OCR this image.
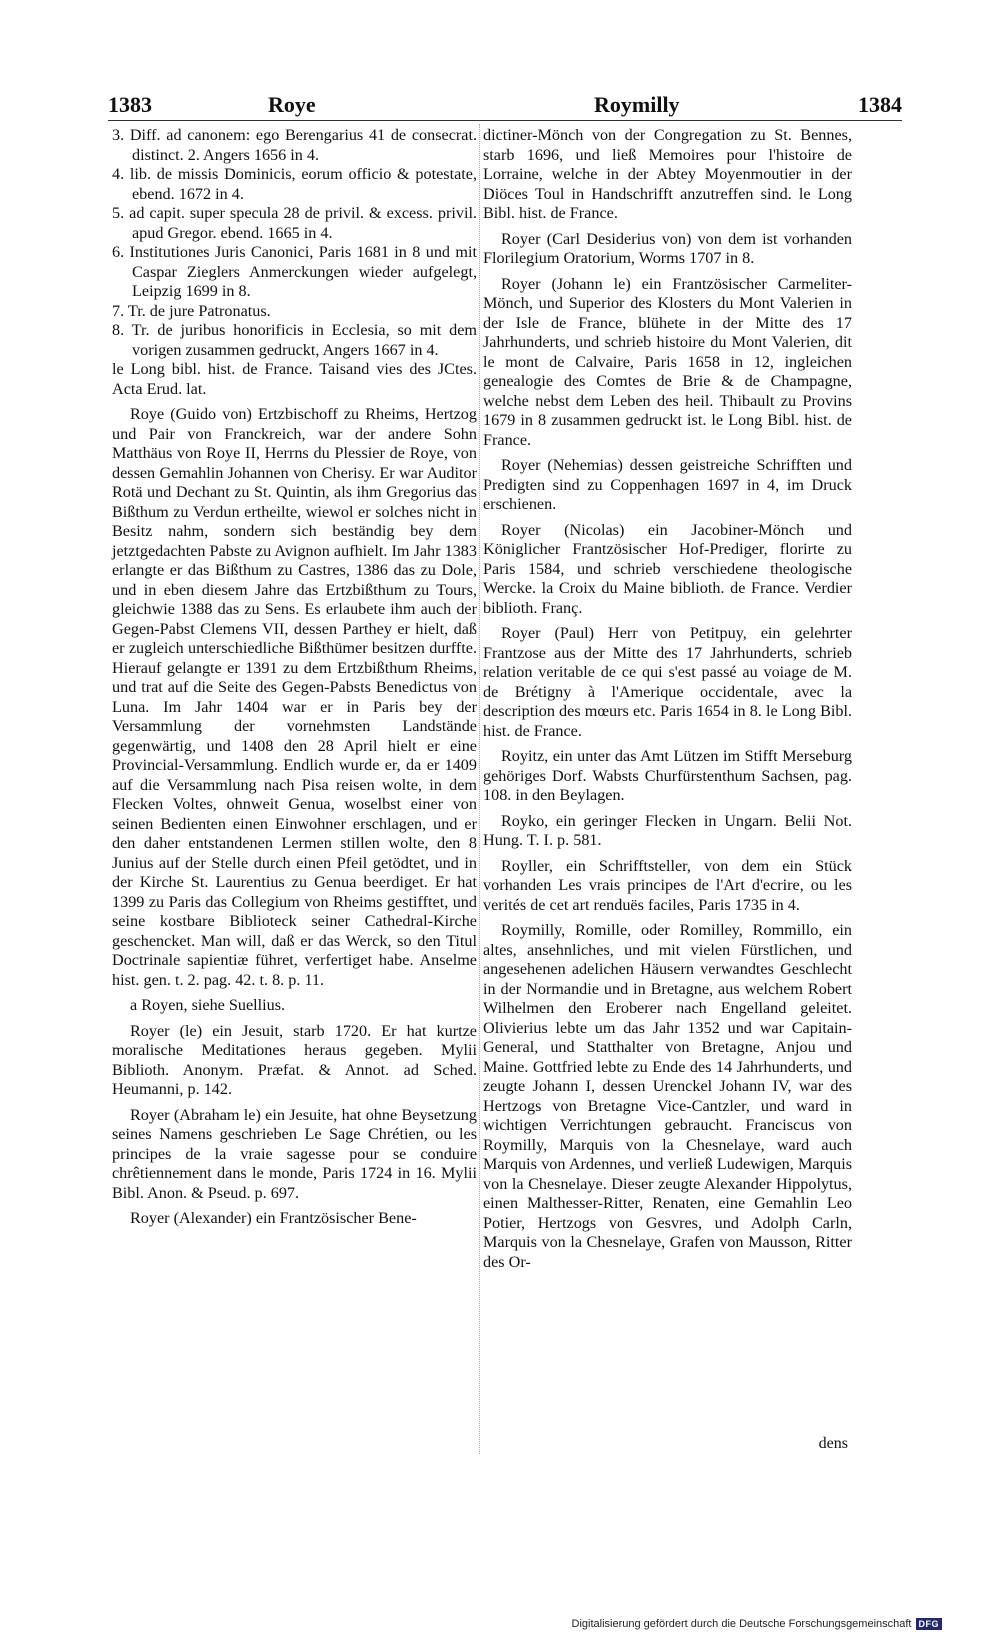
1383	Roye	Roymilly	1384

3. Diff. ad canonem: ego Berengarius 41 de consecrat. distinct. 2. Angers 1656 in 4.

4. lib. de missis Dominicis, eorum officio & potestate, ebend. 1672 in 4.

5. ad capit. super specula 28 de privil. & excess. privil. apud Gregor. ebend. 1665 in 4.

6. Institutiones Juris Canonici, Paris 1681 in 8 und mit Caspar Zieglers Anmerckungen wieder aufgelegt, Leipzig 1699 in 8.

7. Tr. de jure Patronatus.

8. Tr. de juribus honorificis in Ecclesia, so mit dem vorigen zusammen gedruckt, Angers 1667 in 4.

le Long bibl. hist. de France. Taisand vies des JCtes. Acta Erud. lat.

Roye (Guido von) Ertzbischoff zu Rheims, Hertzog und Pair von Franckreich, war der andere Sohn Matthäus von Roye II, Herrns du Plessier de Roye, von dessen Gemahlin Johannen von Cherisy. Er war Auditor Rotä und Dechant zu St. Quintin, als ihm Gregorius das Bißthum zu Verdun ertheilte, wiewol er solches nicht in Besitz nahm, sondern sich beständig bey dem jetztgedachten Pabste zu Avignon aufhielt. Im Jahr 1383 erlangte er das Bißthum zu Castres, 1386 das zu Dole, und in eben diesem Jahre das Ertzbißthum zu Tours, gleichwie 1388 das zu Sens. Es erlaubete ihm auch der Gegen-Pabst Clemens VII, dessen Parthey er hielt, daß er zugleich unterschiedliche Bißthümer besitzen durffte. Hierauf gelangte er 1391 zu dem Ertzbißthum Rheims, und trat auf die Seite des Gegen-Pabsts Benedictus von Luna. Im Jahr 1404 war er in Paris bey der Versammlung der vornehmsten Landstände gegenwärtig, und 1408 den 28 April hielt er eine Provincial-Versammlung. Endlich wurde er, da er 1409 auf die Versammlung nach Pisa reisen wolte, in dem Flecken Voltes, ohnweit Genua, woselbst einer von seinen Bedienten einen Einwohner erschlagen, und er den daher entstandenen Lermen stillen wolte, den 8 Junius auf der Stelle durch einen Pfeil getödtet, und in der Kirche St. Laurentius zu Genua beerdiget. Er hat 1399 zu Paris das Collegium von Rheims gestifftet, und seine kostbare Biblioteck seiner Cathedral-Kirche geschencket. Man will, daß er das Werck, so den Titul Doctrinale sapientiæ führet, verfertiget habe. Anselme hist. gen. t. 2. pag. 42. t. 8. p. 11.

a Royen, siehe Suellius.

Royer (le) ein Jesuit, starb 1720. Er hat kurtze moralische Meditationes heraus gegeben. Mylii Biblioth. Anonym. Præfat. & Annot. ad Sched. Heumanni, p. 142.

Royer (Abraham le) ein Jesuite, hat ohne Beysetzung seines Namens geschrieben Le Sage Chrétien, ou les principes de la vraie sagesse pour se conduire chrêtiennement dans le monde, Paris 1724 in 16. Mylii Bibl. Anon. & Pseud. p. 697.

Royer (Alexander) ein Frantzösischer Bene-

dictiner-Mönch von der Congregation zu St. Bennes, starb 1696, und ließ Memoires pour l'histoire de Lorraine, welche in der Abtey Moyenmoutier in der Diöces Toul in Handschrifft anzutreffen sind. le Long Bibl. hist. de France.

Royer (Carl Desiderius von) von dem ist vorhanden Florilegium Oratorium, Worms 1707 in 8.

Royer (Johann le) ein Frantzösischer Carmeliter-Mönch, und Superior des Klosters du Mont Valerien in der Isle de France, blühete in der Mitte des 17 Jahrhunderts, und schrieb histoire du Mont Valerien, dit le mont de Calvaire, Paris 1658 in 12, ingleichen genealogie des Comtes de Brie & de Champagne, welche nebst dem Leben des heil. Thibault zu Provins 1679 in 8 zusammen gedruckt ist. le Long Bibl. hist. de France.

Royer (Nehemias) dessen geistreiche Schrifften und Predigten sind zu Coppenhagen 1697 in 4, im Druck erschienen.

Royer (Nicolas) ein Jacobiner-Mönch und Königlicher Frantzösischer Hof-Prediger, florirte zu Paris 1584, und schrieb verschiedene theologische Wercke. la Croix du Maine biblioth. de France. Verdier biblioth. Franç.

Royer (Paul) Herr von Petitpuy, ein gelehrter Frantzose aus der Mitte des 17 Jahrhunderts, schrieb relation veritable de ce qui s'est passé au voiage de M. de Brétigny à l'Amerique occidentale, avec la description des mœurs etc. Paris 1654 in 8. le Long Bibl. hist. de France.

Royitz, ein unter das Amt Lützen im Stifft Merseburg gehöriges Dorf. Wabsts Churfürstenthum Sachsen, pag. 108. in den Beylagen.

Royko, ein geringer Flecken in Ungarn. Belii Not. Hung. T. I. p. 581.

Royller, ein Schrifftsteller, von dem ein Stück vorhanden Les vrais principes de l'Art d'ecrire, ou les verités de cet art renduës faciles, Paris 1735 in 4.

Roymilly, Romille, oder Romilley, Rommillo, ein altes, ansehnliches, und mit vielen Fürstlichen, und angesehenen adelichen Häusern verwandtes Geschlecht in der Normandie und in Bretagne, aus welchem Robert Wilhelmen den Eroberer nach Engelland geleitet. Olivierius lebte um das Jahr 1352 und war Capitain-General, und Statthalter von Bretagne, Anjou und Maine. Gottfried lebte zu Ende des 14 Jahrhunderts, und zeugte Johann I, dessen Urenckel Johann IV, war des Hertzogs von Bretagne Vice-Cantzler, und ward in wichtigen Verrichtungen gebraucht. Franciscus von Roymilly, Marquis von la Chesnelaye, ward auch Marquis von Ardennes, und verließ Ludewigen, Marquis von la Chesnelaye. Dieser zeugte Alexander Hippolytus, einen Malthesser-Ritter, Renaten, eine Gemahlin Leo Potier, Hertzogs von Gesvres, und Adolph Carln, Marquis von la Chesnelaye, Grafen von Mausson, Ritter des Or-

dens
Digitalisierung gefördert durch die Deutsche Forschungsgemeinschaft DFG
